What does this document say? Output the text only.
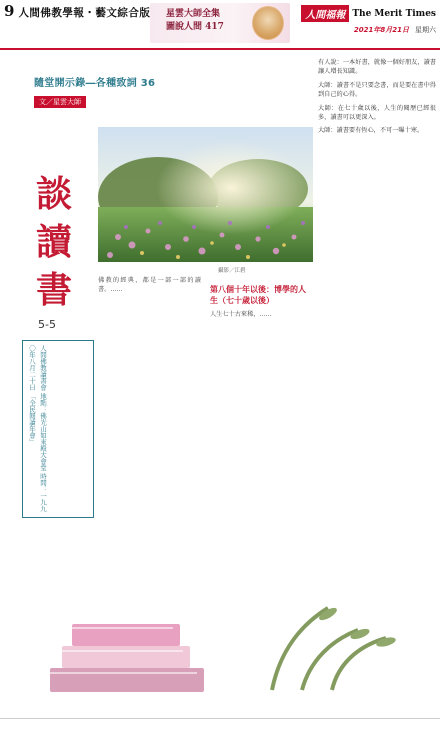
9 人間佛教學報・藝文綜合版 星雲大師全集
圖說人間 417
人間福報 The Merit Times
2021年8月21日 星期六
隨堂開示錄―各種致詞 36
文／星雲大師
談讀書
5-5
人間佛教讀書會 地點：佛光山如來殿大會堂 時間：一九九〇年八月二十日 「全民閱讀年會」
攝影／江碧
佛教的經典，都是一部一部的讀書。……	第八個十年以後：博學的人生（七十歲以後）
人生七十古來稀，……
有人說：一本好書，就像一個好朋友，讀書讓人增長知識。
大師：讀書不是只要念書，而是要在書中得到自己的心得。
大師：在七十歲以後，人生的閱歷已經很多，讀書可以更深入。
大師：讀書要有恆心，不可一曝十寒。
